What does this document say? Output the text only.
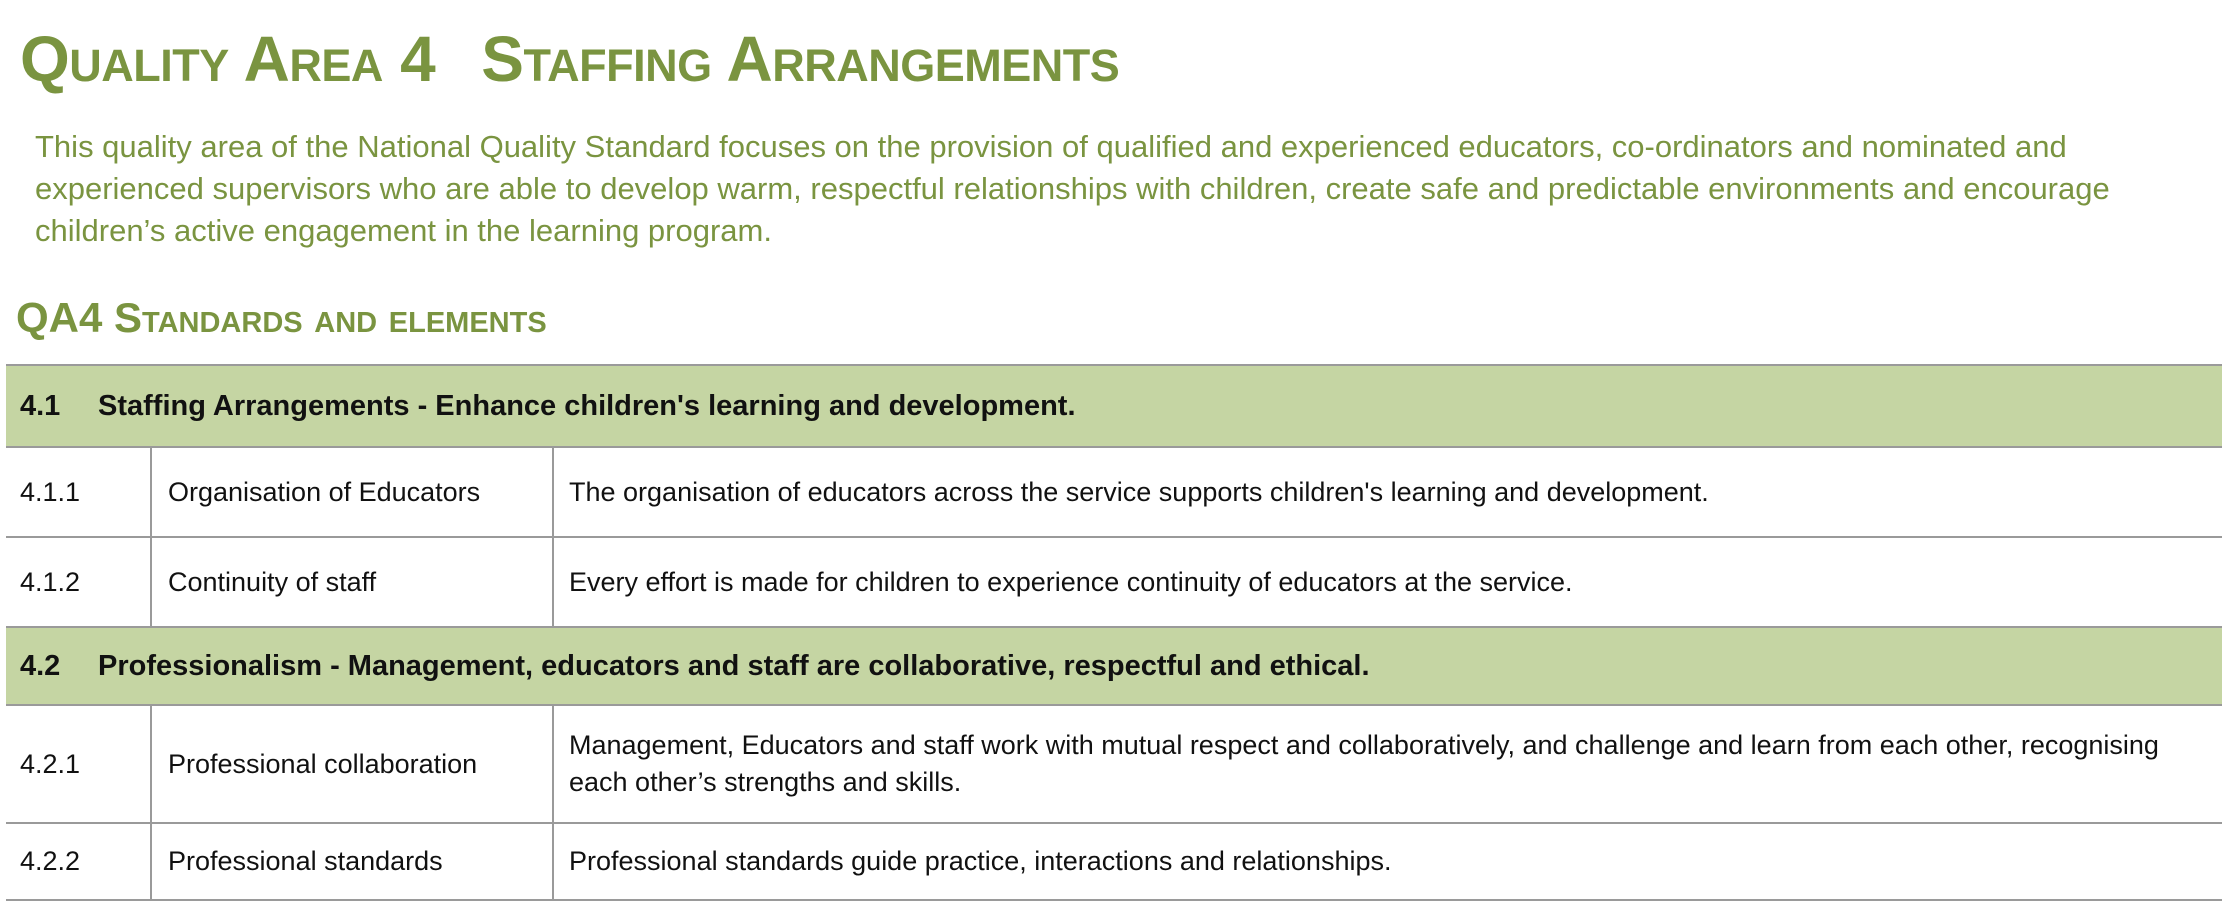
Quality Area 4 Staffing Arrangements

This quality area of the National Quality Standard focuses on the provision of qualified and experienced educators, co-ordinators and nominated and experienced supervisors who are able to develop warm, respectful relationships with children, create safe and predictable environments and encourage children’s active engagement in the learning program.

QA4 Standards and elements
4.1 Staffing Arrangements - Enhance children's learning and development.		
4.1.1	Organisation of Educators	The organisation of educators across the service supports children's learning and development.
4.1.2	Continuity of staff	Every effort is made for children to experience continuity of educators at the service.
4.2 Professionalism - Management, educators and staff are collaborative, respectful and ethical.		
4.2.1	Professional collaboration	Management, Educators and staff work with mutual respect and collaboratively, and challenge and learn from each other, recognising each other’s strengths and skills.
4.2.2	Professional standards	Professional standards guide practice, interactions and relationships.
